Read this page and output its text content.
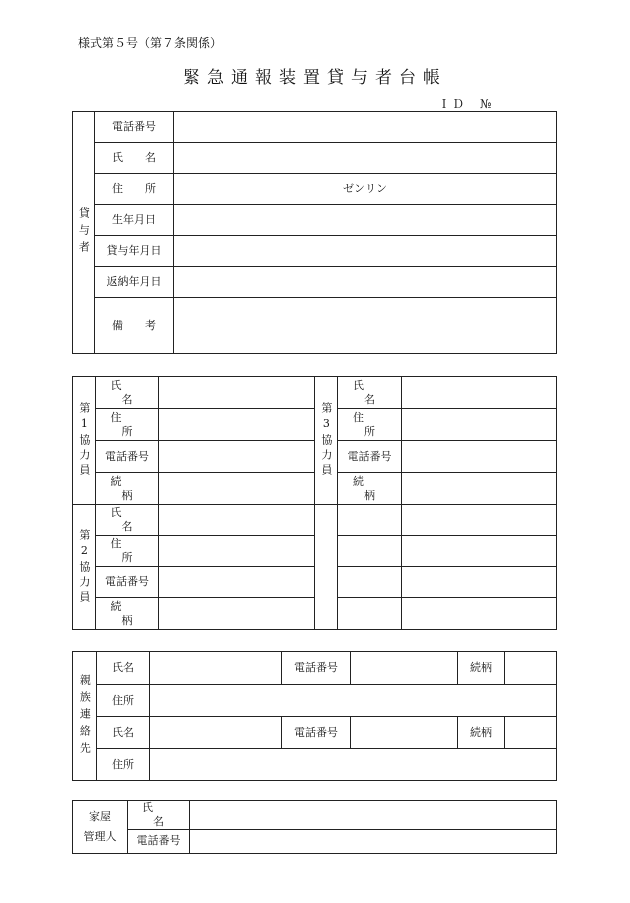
様式第５号（第７条関係）
緊急通報装置貸与者台帳
ＩＤ　№
貸与者	電話番号	
	氏名	
	住所	ゼンリン
	生年月日	
	貸与年月日	
	返納年月日	
	備考	
第1協力員	氏名		第3協力員	氏名	
	住所			住所	
	電話番号			電話番号	
	続柄			続柄	

第2協力員	氏名				
	住所				
	電話番号				
	続柄				
親族連絡先	氏名		電話番号		続柄	
	住所					
	氏名		電話番号		続柄	
	住所					
家屋
管理人	氏名	
	電話番号	
